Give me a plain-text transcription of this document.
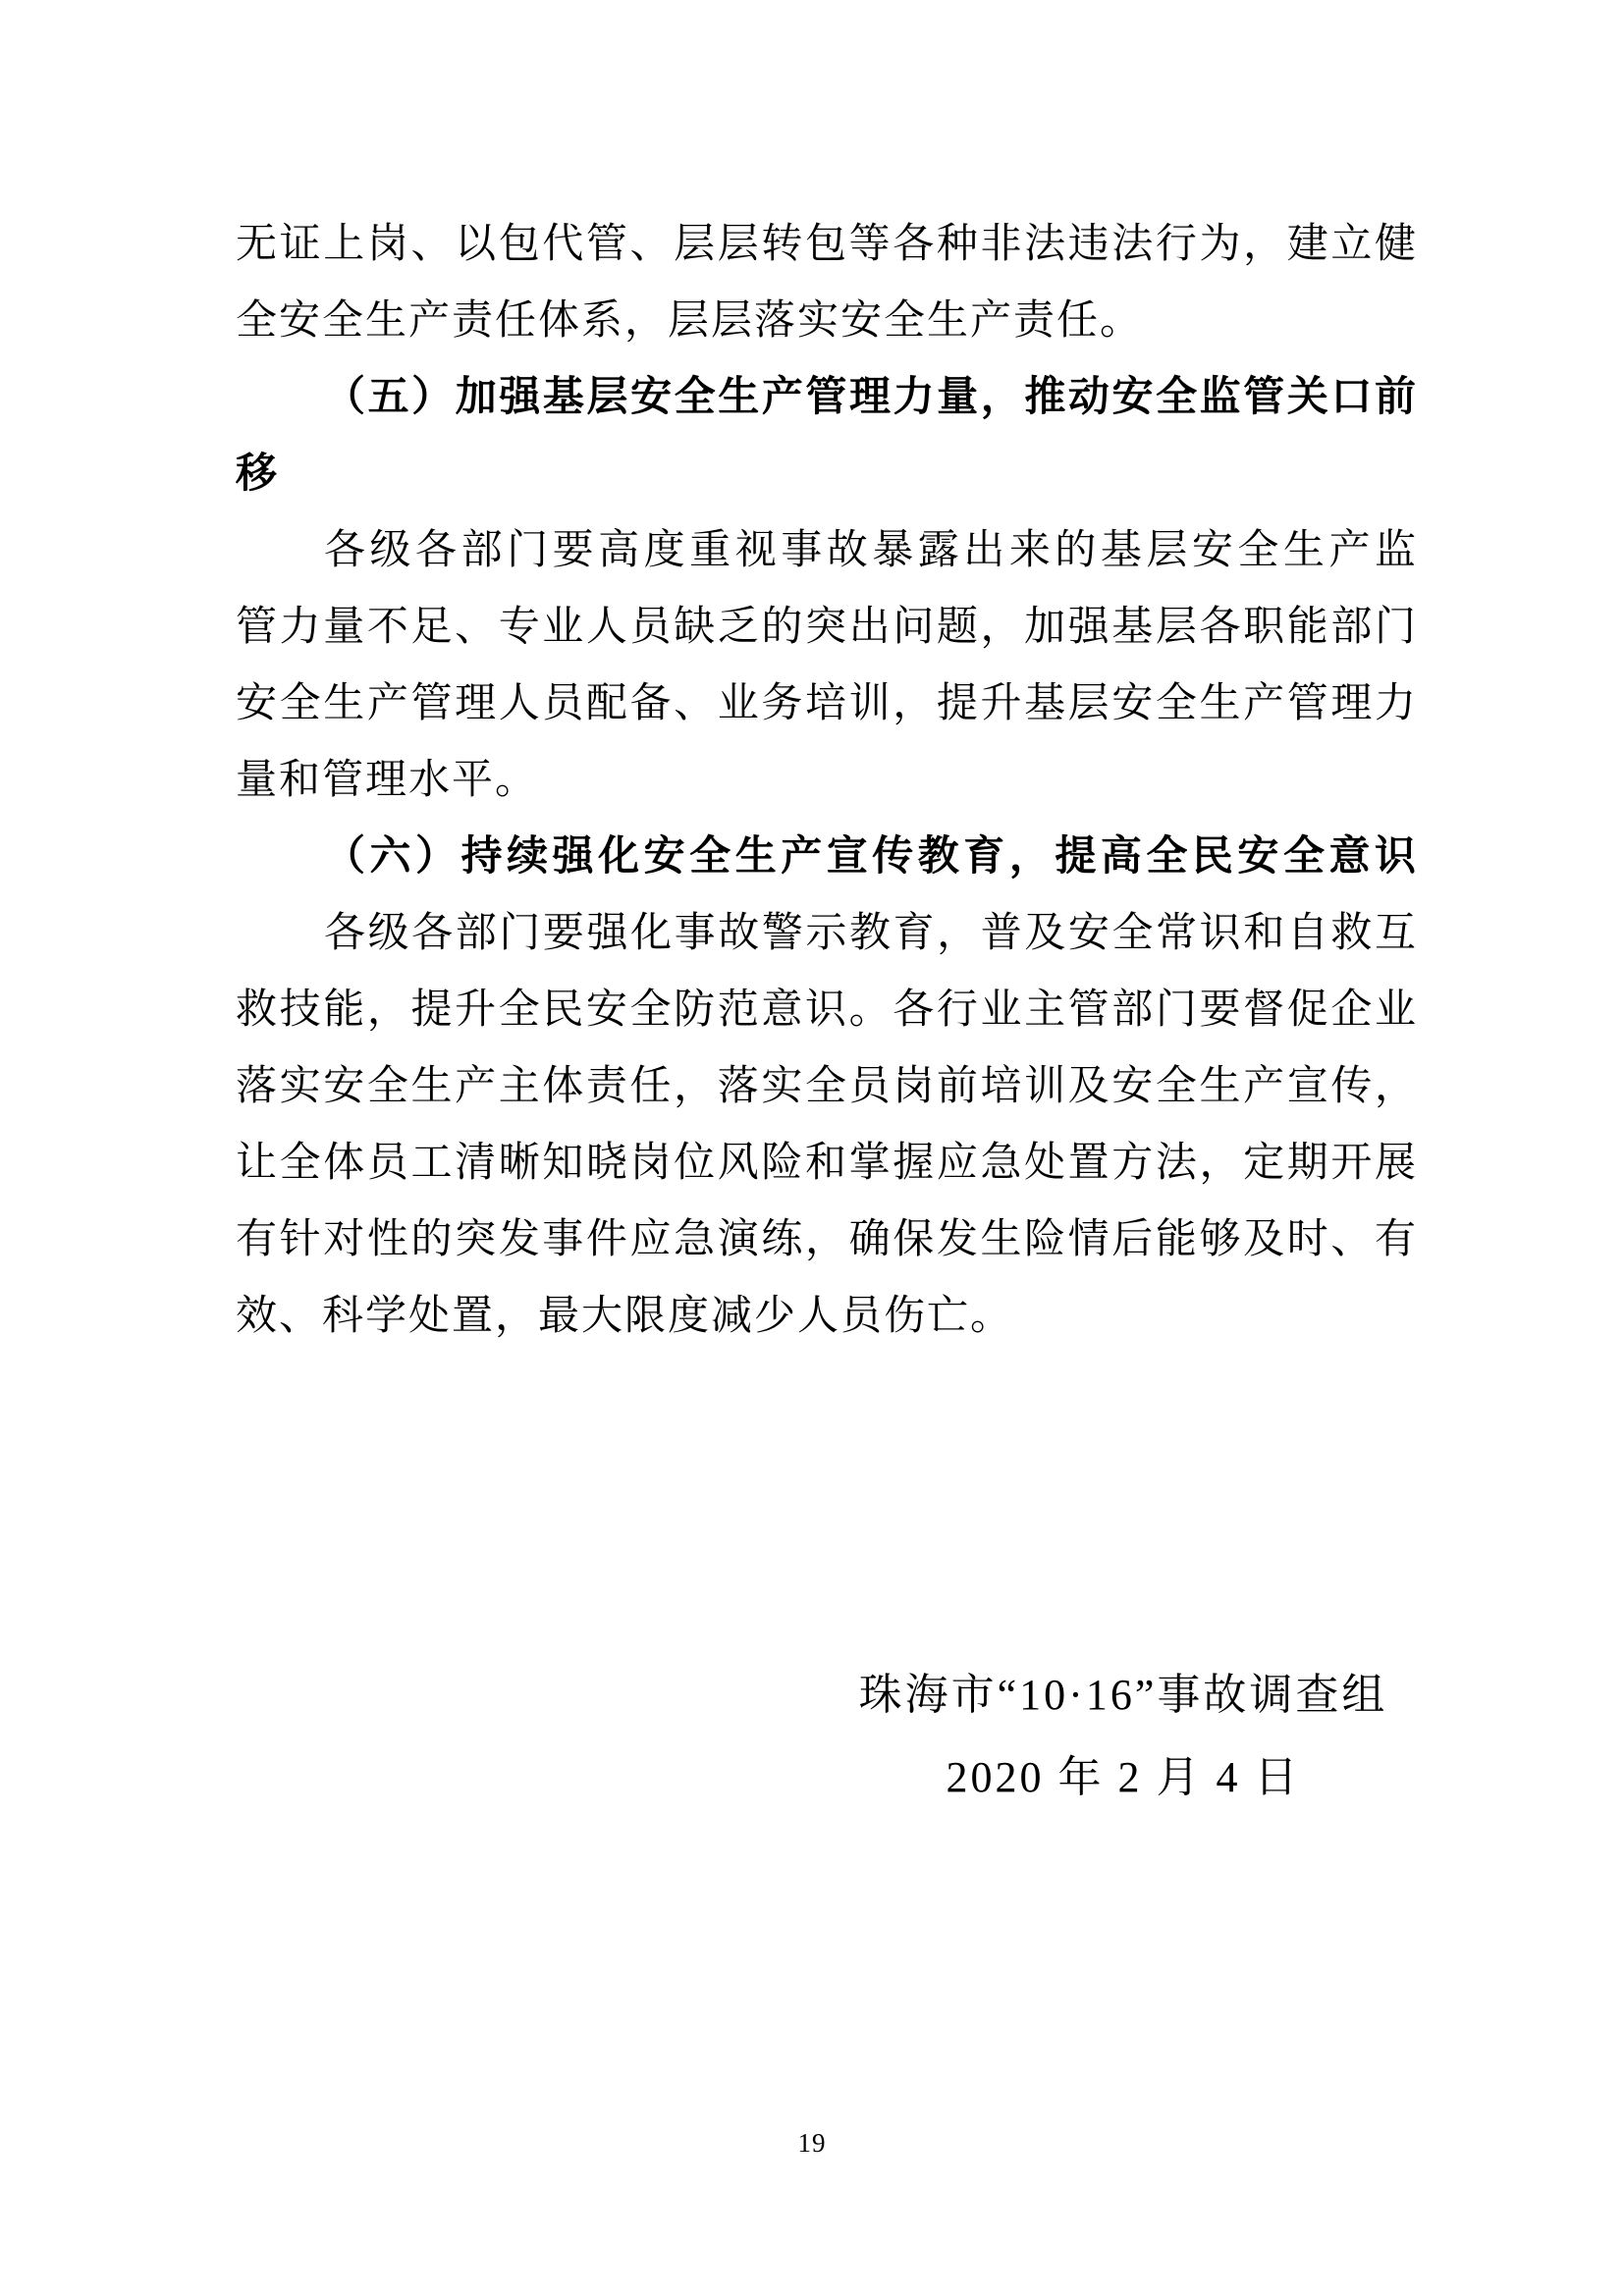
无证上岗、以包代管、层层转包等各种非法违法行为，建立健
全安全生产责任体系，层层落实安全生产责任。
（五）加强基层安全生产管理力量，推动安全监管关口前
移
各级各部门要高度重视事故暴露出来的基层安全生产监
管力量不足、专业人员缺乏的突出问题，加强基层各职能部门
安全生产管理人员配备、业务培训，提升基层安全生产管理力
量和管理水平。
（六）持续强化安全生产宣传教育，提高全民安全意识
各级各部门要强化事故警示教育，普及安全常识和自救互
救技能，提升全民安全防范意识。各行业主管部门要督促企业
落实安全生产主体责任，落实全员岗前培训及安全生产宣传，
让全体员工清晰知晓岗位风险和掌握应急处置方法，定期开展
有针对性的突发事件应急演练，确保发生险情后能够及时、有
效、科学处置，最大限度减少人员伤亡。
珠海市“10·16”事故调查组
2020 年 2 月 4 日
19
